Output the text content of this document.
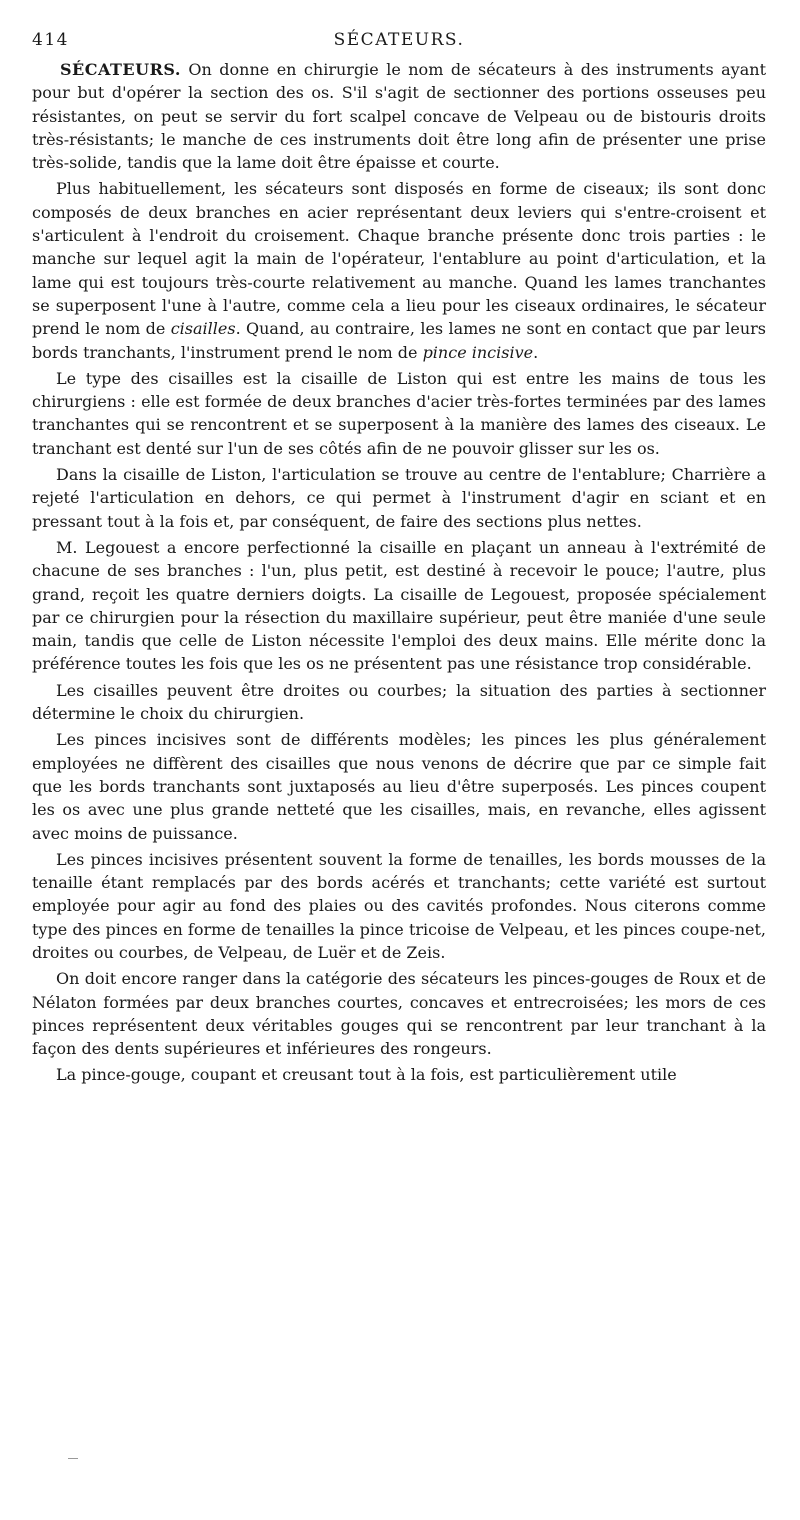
414	SÉCATEURS.

SÉCATEURS. On donne en chirurgie le nom de sécateurs à des instruments ayant pour but d'opérer la section des os. S'il s'agit de sectionner des portions osseuses peu résistantes, on peut se servir du fort scalpel concave de Velpeau ou de bistouris droits très-résistants; le manche de ces instruments doit être long afin de présenter une prise très-solide, tandis que la lame doit être épaisse et courte.

Plus habituellement, les sécateurs sont disposés en forme de ciseaux; ils sont donc composés de deux branches en acier représentant deux leviers qui s'entre-croisent et s'articulent à l'endroit du croisement. Chaque branche présente donc trois parties : le manche sur lequel agit la main de l'opérateur, l'entablure au point d'articulation, et la lame qui est toujours très-courte relativement au manche. Quand les lames tranchantes se superposent l'une à l'autre, comme cela a lieu pour les ciseaux ordinaires, le sécateur prend le nom de cisailles. Quand, au contraire, les lames ne sont en contact que par leurs bords tranchants, l'instrument prend le nom de pince incisive.

Le type des cisailles est la cisaille de Liston qui est entre les mains de tous les chirurgiens : elle est formée de deux branches d'acier très-fortes terminées par des lames tranchantes qui se rencontrent et se superposent à la manière des lames des ciseaux. Le tranchant est denté sur l'un de ses côtés afin de ne pouvoir glisser sur les os.

Dans la cisaille de Liston, l'articulation se trouve au centre de l'entablure; Charrière a rejeté l'articulation en dehors, ce qui permet à l'instrument d'agir en sciant et en pressant tout à la fois et, par conséquent, de faire des sections plus nettes.

M. Legouest a encore perfectionné la cisaille en plaçant un anneau à l'extrémité de chacune de ses branches : l'un, plus petit, est destiné à recevoir le pouce; l'autre, plus grand, reçoit les quatre derniers doigts. La cisaille de Legouest, proposée spécialement par ce chirurgien pour la résection du maxillaire supérieur, peut être maniée d'une seule main, tandis que celle de Liston nécessite l'emploi des deux mains. Elle mérite donc la préférence toutes les fois que les os ne présentent pas une résistance trop considérable.

Les cisailles peuvent être droites ou courbes; la situation des parties à sectionner détermine le choix du chirurgien.

Les pinces incisives sont de différents modèles; les pinces les plus généralement employées ne diffèrent des cisailles que nous venons de décrire que par ce simple fait que les bords tranchants sont juxtaposés au lieu d'être superposés. Les pinces coupent les os avec une plus grande netteté que les cisailles, mais, en revanche, elles agissent avec moins de puissance.

Les pinces incisives présentent souvent la forme de tenailles, les bords mousses de la tenaille étant remplacés par des bords acérés et tranchants; cette variété est surtout employée pour agir au fond des plaies ou des cavités profondes. Nous citerons comme type des pinces en forme de tenailles la pince tricoise de Velpeau, et les pinces coupe-net, droites ou courbes, de Velpeau, de Luër et de Zeis.

On doit encore ranger dans la catégorie des sécateurs les pinces-gouges de Roux et de Nélaton formées par deux branches courtes, concaves et entrecroisées; les mors de ces pinces représentent deux véritables gouges qui se rencontrent par leur tranchant à la façon des dents supérieures et inférieures des rongeurs.

La pince-gouge, coupant et creusant tout à la fois, est particulièrement utile
